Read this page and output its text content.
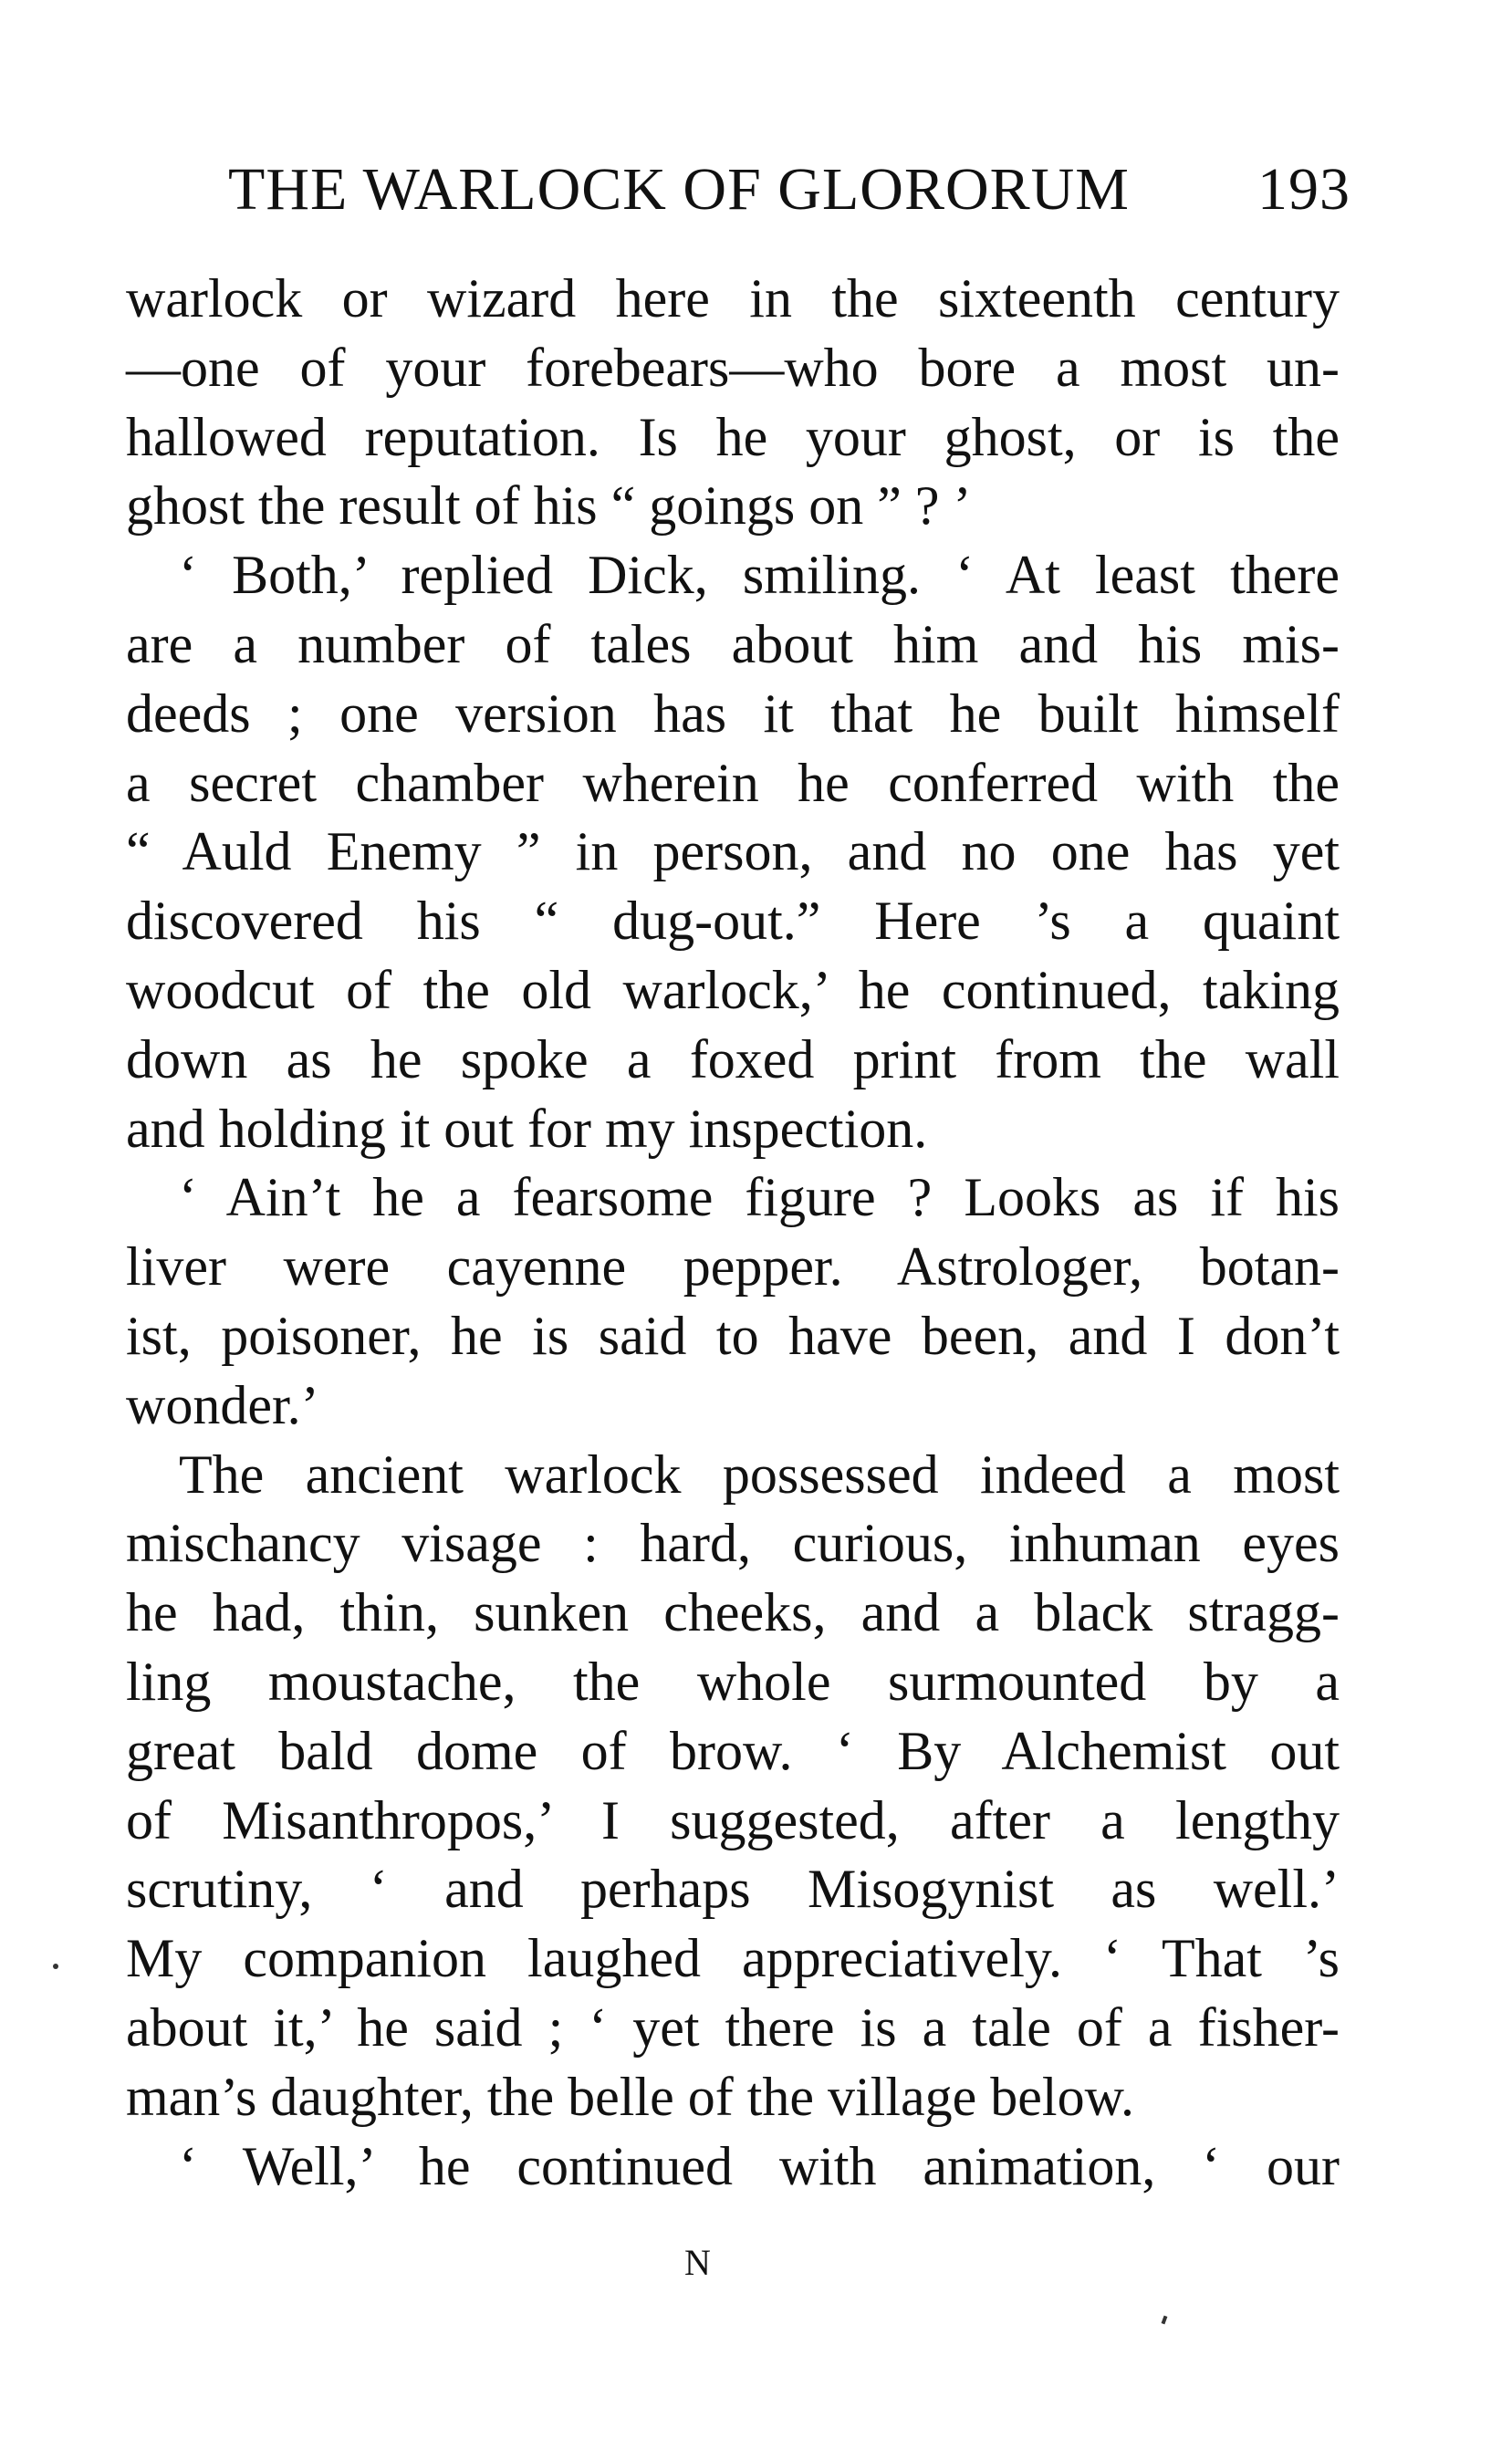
THE WARLOCK OF GLORORUM 193
warlock or wizard here in the sixteenth century
—one of your forebears—who bore a most un-
hallowed reputation. Is he your ghost, or is the
ghost the result of his “ goings on ” ? ’
‘ Both,’ replied Dick, smiling. ‘ At least there
are a number of tales about him and his mis-
deeds ; one version has it that he built himself
a secret chamber wherein he conferred with the
“ Auld Enemy ” in person, and no one has yet
discovered his “ dug-out.” Here ’s a quaint
woodcut of the old warlock,’ he continued, taking
down as he spoke a foxed print from the wall
and holding it out for my inspection.
‘ Ain’t he a fearsome figure ? Looks as if his
liver were cayenne pepper. Astrologer, botan-
ist, poisoner, he is said to have been, and I don’t
wonder.’
The ancient warlock possessed indeed a most
mischancy visage : hard, curious, inhuman eyes
he had, thin, sunken cheeks, and a black stragg-
ling moustache, the whole surmounted by a
great bald dome of brow. ‘ By Alchemist out
of Misanthropos,’ I suggested, after a lengthy
scrutiny, ‘ and perhaps Misogynist as well.’
My companion laughed appreciatively. ‘ That ’s
about it,’ he said ; ‘ yet there is a tale of a fisher-
man’s daughter, the belle of the village below.
‘ Well,’ he continued with animation, ‘ our
N
